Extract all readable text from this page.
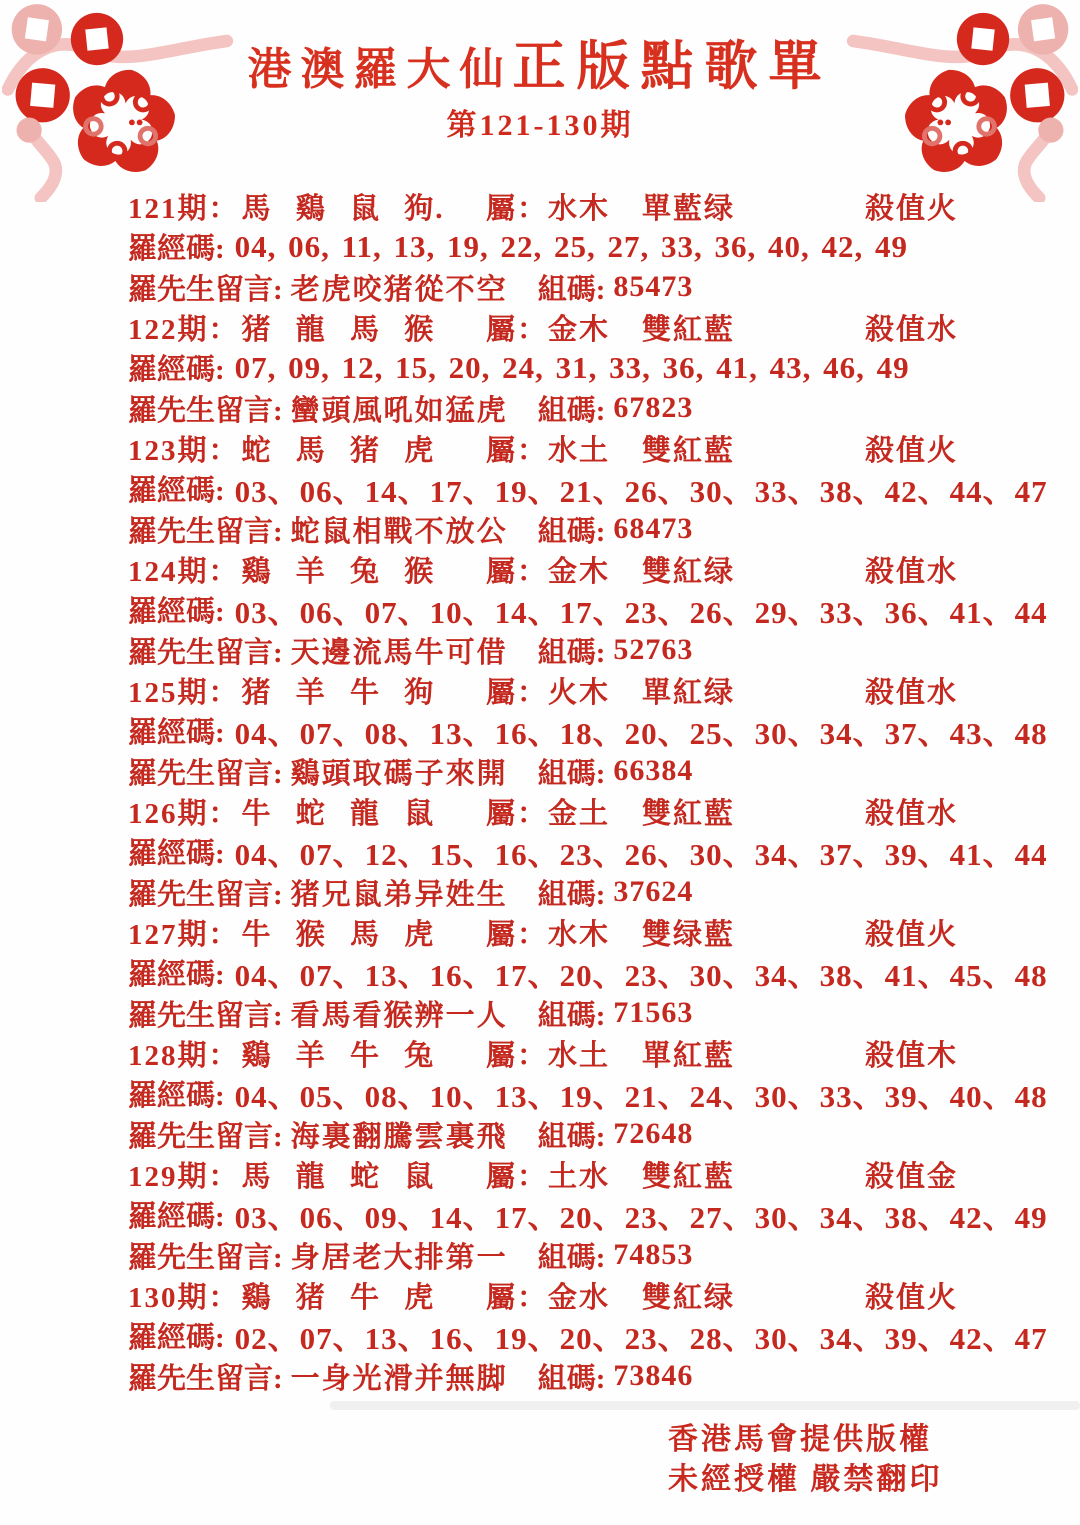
港澳羅大仙正版點歌單
第121-130期
121期：馬 鷄 鼠 狗.	屬：水木	單藍绿	殺值火
羅經碼: 04, 06, 11, 13, 19, 22, 25, 27, 33, 36, 40, 42, 49
羅先生留言: 老虎咬猪從不空 組碼: 85473
122期：猪 龍 馬 猴	屬：金木	雙紅藍	殺值水
羅經碼: 07, 09, 12, 15, 20, 24, 31, 33, 36, 41, 43, 46, 49
羅先生留言: 蠻頭風吼如猛虎 組碼: 67823
123期：蛇 馬 猪 虎	屬：水土	雙紅藍	殺值火
羅經碼: 03、06、14、17、19、21、26、30、33、38、42、44、47
羅先生留言: 蛇鼠相戰不放公 組碼: 68473
124期：鷄 羊 兔 猴	屬：金木	雙紅绿	殺值水
羅經碼: 03、06、07、10、14、17、23、26、29、33、36、41、44
羅先生留言: 天邊流馬牛可借 組碼: 52763
125期：猪 羊 牛 狗	屬：火木	單紅绿	殺值水
羅經碼: 04、07、08、13、16、18、20、25、30、34、37、43、48
羅先生留言: 鷄頭取碼子來開 組碼: 66384
126期：牛 蛇 龍 鼠	屬：金土	雙紅藍	殺值水
羅經碼: 04、07、12、15、16、23、26、30、34、37、39、41、44
羅先生留言: 猪兄鼠弟异姓生 組碼: 37624
127期：牛 猴 馬 虎	屬：水木	雙绿藍	殺值火
羅經碼: 04、07、13、16、17、20、23、30、34、38、41、45、48
羅先生留言: 看馬看猴辨一人 組碼: 71563
128期：鷄 羊 牛 兔	屬：水土	單紅藍	殺值木
羅經碼: 04、05、08、10、13、19、21、24、30、33、39、40、48
羅先生留言: 海裏翻騰雲裏飛 組碼: 72648
129期：馬 龍 蛇 鼠	屬：土水	雙紅藍	殺值金
羅經碼: 03、06、09、14、17、20、23、27、30、34、38、42、49
羅先生留言: 身居老大排第一 組碼: 74853
130期：鷄 猪 牛 虎	屬：金水	雙紅绿	殺值火
羅經碼: 02、07、13、16、19、20、23、28、30、34、39、42、47
羅先生留言: 一身光滑并無脚 組碼: 73846
香港馬會提供版權
未經授權 嚴禁翻印
